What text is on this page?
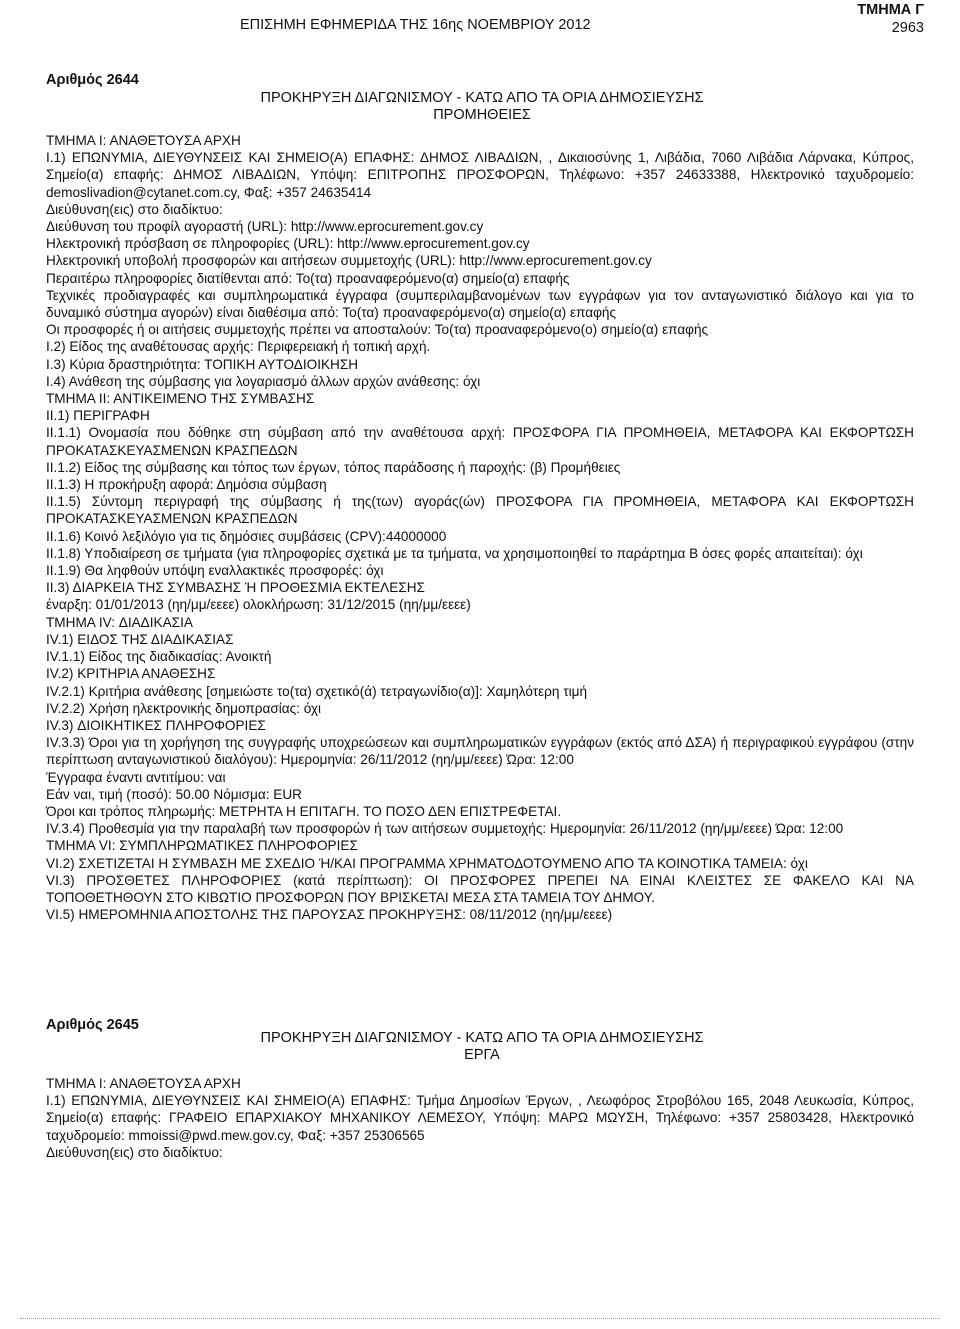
ΕΠΙΣΗΜΗ ΕΦΗΜΕΡΙΔΑ ΤΗΣ 16ης ΝΟΕΜΒΡΙΟΥ 2012
ΤΜΗΜΑ Γ
2963
Αριθμός 2644
ΠΡΟΚΗΡΥΞΗ ΔΙΑΓΩΝΙΣΜΟΥ - ΚΑΤΩ ΑΠΟ ΤΑ ΟΡΙΑ ΔΗΜΟΣΙΕΥΣΗΣ
ΠΡΟΜΗΘΕΙΕΣ

ΤΜΗΜΑ Ι: ΑΝΑΘΕΤΟΥΣΑ ΑΡΧΗ

Ι.1) ΕΠΩΝΥΜΙΑ, ΔΙΕΥΘΥΝΣΕΙΣ ΚΑΙ ΣΗΜΕΙΟ(Α) ΕΠΑΦΗΣ: ΔΗΜΟΣ ΛΙΒΑΔΙΩΝ, , Δικαιοσύνης 1, Λιβάδια, 7060 Λιβάδια Λάρνακα, Κύπρος, Σημείο(α) επαφής: ΔΗΜΟΣ ΛΙΒΑΔΙΩΝ, Υπόψη: ΕΠΙΤΡΟΠΗΣ ΠΡΟΣΦΟΡΩΝ, Τηλέφωνο: +357 24633388, Ηλεκτρονικό ταχυδρομείο: demoslivadion@cytanet.com.cy, Φαξ: +357 24635414

Διεύθυνση(εις) στο διαδίκτυο:

Διεύθυνση του προφίλ αγοραστή (URL): http://www.eprocurement.gov.cy

Ηλεκτρονική πρόσβαση σε πληροφορίες (URL): http://www.eprocurement.gov.cy

Ηλεκτρονική υποβολή προσφορών και αιτήσεων συμμετοχής (URL): http://www.eprocurement.gov.cy

Περαιτέρω πληροφορίες διατίθενται από: Το(τα) προαναφερόμενο(α) σημείο(α) επαφής

Τεχνικές προδιαγραφές και συμπληρωματικά έγγραφα (συμπεριλαμβανομένων των εγγράφων για τον ανταγωνιστικό διάλογο και για το δυναμικό σύστημα αγορών) είναι διαθέσιμα από: Το(τα) προαναφερόμενο(α) σημείο(α) επαφής

Οι προσφορές ή οι αιτήσεις συμμετοχής πρέπει να αποσταλούν: Το(τα) προαναφερόμενο(ο) σημείο(α) επαφής

Ι.2) Είδος της αναθέτουσας αρχής: Περιφερειακή ή τοπική αρχή.

Ι.3) Κύρια δραστηριότητα: ΤΟΠΙΚΗ ΑΥΤΟΔΙΟΙΚΗΣΗ

Ι.4) Ανάθεση της σύμβασης για λογαριασμό άλλων αρχών ανάθεσης: όχι

ΤΜΗΜΑ ΙΙ: ΑΝΤΙΚΕΙΜΕΝΟ ΤΗΣ ΣΥΜΒΑΣΗΣ

ΙΙ.1) ΠΕΡΙΓΡΑΦΗ

ΙΙ.1.1) Ονομασία που δόθηκε στη σύμβαση από την αναθέτουσα αρχή: ΠΡΟΣΦΟΡΑ ΓΙΑ ΠΡΟΜΗΘΕΙΑ, ΜΕΤΑΦΟΡΑ ΚΑΙ ΕΚΦΟΡΤΩΣΗ ΠΡΟΚΑΤΑΣΚΕΥΑΣΜΕΝΩΝ ΚΡΑΣΠΕΔΩΝ

ΙΙ.1.2) Είδος της σύμβασης και τόπος των έργων, τόπος παράδοσης ή παροχής: (β) Προμήθειες

ΙΙ.1.3) Η προκήρυξη αφορά: Δημόσια σύμβαση

ΙΙ.1.5) Σύντομη περιγραφή της σύμβασης ή της(των) αγοράς(ών) ΠΡΟΣΦΟΡΑ ΓΙΑ ΠΡΟΜΗΘΕΙΑ, ΜΕΤΑΦΟΡΑ ΚΑΙ ΕΚΦΟΡΤΩΣΗ ΠΡΟΚΑΤΑΣΚΕΥΑΣΜΕΝΩΝ ΚΡΑΣΠΕΔΩΝ

ΙΙ.1.6) Κοινό λεξιλόγιο για τις δημόσιες συμβάσεις (CPV):44000000

ΙΙ.1.8) Υποδιαίρεση σε τμήματα (για πληροφορίες σχετικά με τα τμήματα, να χρησιμοποιηθεί το παράρτημα Β όσες φορές απαιτείται): όχι

ΙΙ.1.9) Θα ληφθούν υπόψη εναλλακτικές προσφορές: όχι

ΙΙ.3) ΔΙΑΡΚΕΙΑ ΤΗΣ ΣΥΜΒΑΣΗΣ Ή ΠΡΟΘΕΣΜΙΑ ΕΚΤΕΛΕΣΗΣ

έναρξη: 01/01/2013 (ηη/μμ/εεεε) ολοκλήρωση: 31/12/2015 (ηη/μμ/εεεε)

ΤΜΗΜΑ IV: ΔΙΑΔΙΚΑΣΙΑ

IV.1) ΕΙΔΟΣ ΤΗΣ ΔΙΑΔΙΚΑΣΙΑΣ

IV.1.1) Είδος της διαδικασίας: Ανοικτή

IV.2) ΚΡΙΤΗΡΙΑ ΑΝΑΘΕΣΗΣ

IV.2.1) Κριτήρια ανάθεσης [σημειώστε το(τα) σχετικό(ά) τετραγωνίδιο(α)]: Χαμηλότερη τιμή

IV.2.2) Χρήση ηλεκτρονικής δημοπρασίας: όχι

IV.3) ΔΙΟΙΚΗΤΙΚΕΣ ΠΛΗΡΟΦΟΡΙΕΣ

IV.3.3) Όροι για τη χορήγηση της συγγραφής υποχρεώσεων και συμπληρωματικών εγγράφων (εκτός από ΔΣΑ) ή περιγραφικού εγγράφου (στην περίπτωση ανταγωνιστικού διαλόγου): Ημερομηνία: 26/11/2012 (ηη/μμ/εεεε) Ώρα: 12:00

Έγγραφα έναντι αντιτίμου: ναι

Εάν ναι, τιμή (ποσό): 50.00 Νόμισμα: EUR

Όροι και τρόπος πληρωμής: ΜΕΤΡΗΤΑ Η ΕΠΙΤΑΓΗ. ΤΟ ΠΟΣΟ ΔΕΝ ΕΠΙΣΤΡΕΦΕΤΑΙ.

IV.3.4) Προθεσμία για την παραλαβή των προσφορών ή των αιτήσεων συμμετοχής: Ημερομηνία: 26/11/2012 (ηη/μμ/εεεε) Ώρα: 12:00

ΤΜΗΜΑ VI: ΣΥΜΠΛΗΡΩΜΑΤΙΚΕΣ ΠΛΗΡΟΦΟΡΙΕΣ

VI.2) ΣΧΕΤΙΖΕΤΑΙ Η ΣΥΜΒΑΣΗ ΜΕ ΣΧΕΔΙΟ Ή/ΚΑΙ ΠΡΟΓΡΑΜΜΑ ΧΡΗΜΑΤΟΔΟΤΟΥΜΕΝΟ ΑΠΟ ΤΑ ΚΟΙΝΟΤΙΚΑ ΤΑΜΕΙΑ: όχι

VI.3) ΠΡΟΣΘΕΤΕΣ ΠΛΗΡΟΦΟΡΙΕΣ (κατά περίπτωση): ΟΙ ΠΡΟΣΦΟΡΕΣ ΠΡΕΠΕΙ ΝΑ ΕΙΝΑΙ ΚΛΕΙΣΤΕΣ ΣΕ ΦΑΚΕΛΟ ΚΑΙ ΝΑ ΤΟΠΟΘΕΤΗΘΟΥΝ ΣΤΟ ΚΙΒΩΤΙΟ ΠΡΟΣΦΟΡΩΝ ΠΟΥ ΒΡΙΣΚΕΤΑΙ ΜΕΣΑ ΣΤΑ ΤΑΜΕΙΑ ΤΟΥ ΔΗΜΟΥ.

VI.5) ΗΜΕΡΟΜΗΝΙΑ ΑΠΟΣΤΟΛΗΣ ΤΗΣ ΠΑΡΟΥΣΑΣ ΠΡΟΚΗΡΥΞΗΣ: 08/11/2012 (ηη/μμ/εεεε)

Αριθμός 2645
ΠΡΟΚΗΡΥΞΗ ΔΙΑΓΩΝΙΣΜΟΥ - ΚΑΤΩ ΑΠΟ ΤΑ ΟΡΙΑ ΔΗΜΟΣΙΕΥΣΗΣ
ΕΡΓΑ

ΤΜΗΜΑ Ι: ΑΝΑΘΕΤΟΥΣΑ ΑΡΧΗ

Ι.1) ΕΠΩΝΥΜΙΑ, ΔΙΕΥΘΥΝΣΕΙΣ ΚΑΙ ΣΗΜΕΙΟ(Α) ΕΠΑΦΗΣ: Τμήμα Δημοσίων Έργων, , Λεωφόρος Στροβόλου 165, 2048 Λευκωσία, Κύπρος, Σημείο(α) επαφής: ΓΡΑΦΕΙΟ ΕΠΑΡΧΙΑΚΟΥ ΜΗΧΑΝΙΚΟΥ ΛΕΜΕΣΟΥ, Υπόψη: ΜΑΡΩ ΜΩΥΣΗ, Τηλέφωνο: +357 25803428, Ηλεκτρονικό ταχυδρομείο: mmoissi@pwd.mew.gov.cy, Φαξ: +357 25306565

Διεύθυνση(εις) στο διαδίκτυο:
